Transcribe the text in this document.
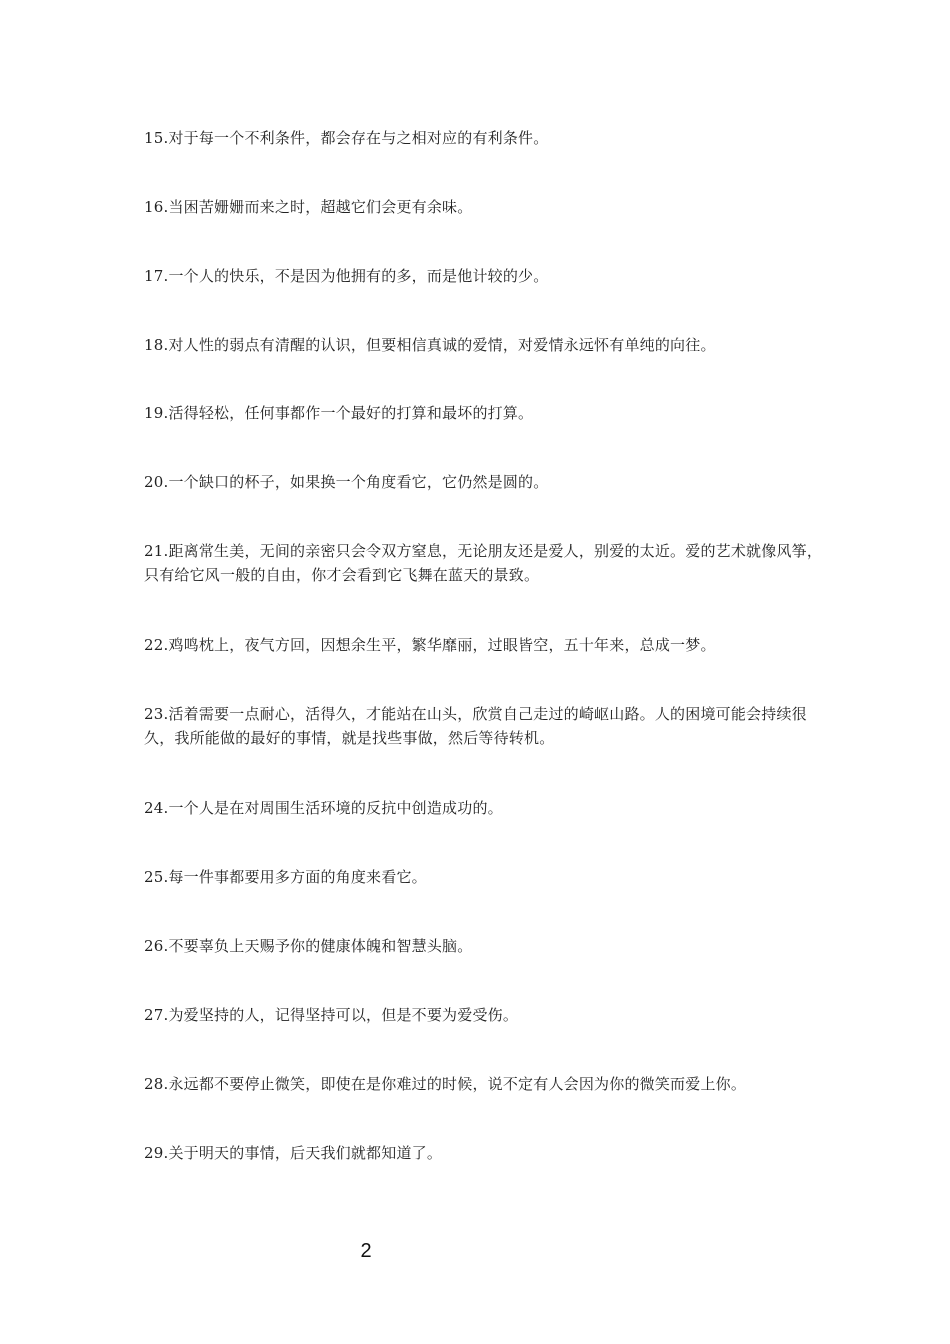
15.对于每一个不利条件，都会存在与之相对应的有利条件。
16.当困苦姗姗而来之时，超越它们会更有余味。
17.一个人的快乐，不是因为他拥有的多，而是他计较的少。
18.对人性的弱点有清醒的认识，但要相信真诚的爱情，对爱情永远怀有单纯的向往。
19.活得轻松，任何事都作一个最好的打算和最坏的打算。
20.一个缺口的杯子，如果换一个角度看它，它仍然是圆的。
21.距离常生美，无间的亲密只会令双方窒息，无论朋友还是爱人，别爱的太近。爱的艺术就像风筝，只有给它风一般的自由，你才会看到它飞舞在蓝天的景致。
22.鸡鸣枕上，夜气方回，因想余生平，繁华靡丽，过眼皆空，五十年来，总成一梦。
23.活着需要一点耐心，活得久，才能站在山头，欣赏自己走过的崎岖山路。人的困境可能会持续很久，我所能做的最好的事情，就是找些事做，然后等待转机。
24.一个人是在对周围生活环境的反抗中创造成功的。
25.每一件事都要用多方面的角度来看它。
26.不要辜负上天赐予你的健康体魄和智慧头脑。
27.为爱坚持的人，记得坚持可以，但是不要为爱受伤。
28.永远都不要停止微笑，即使在是你难过的时候，说不定有人会因为你的微笑而爱上你。
29.关于明天的事情，后天我们就都知道了。
2
